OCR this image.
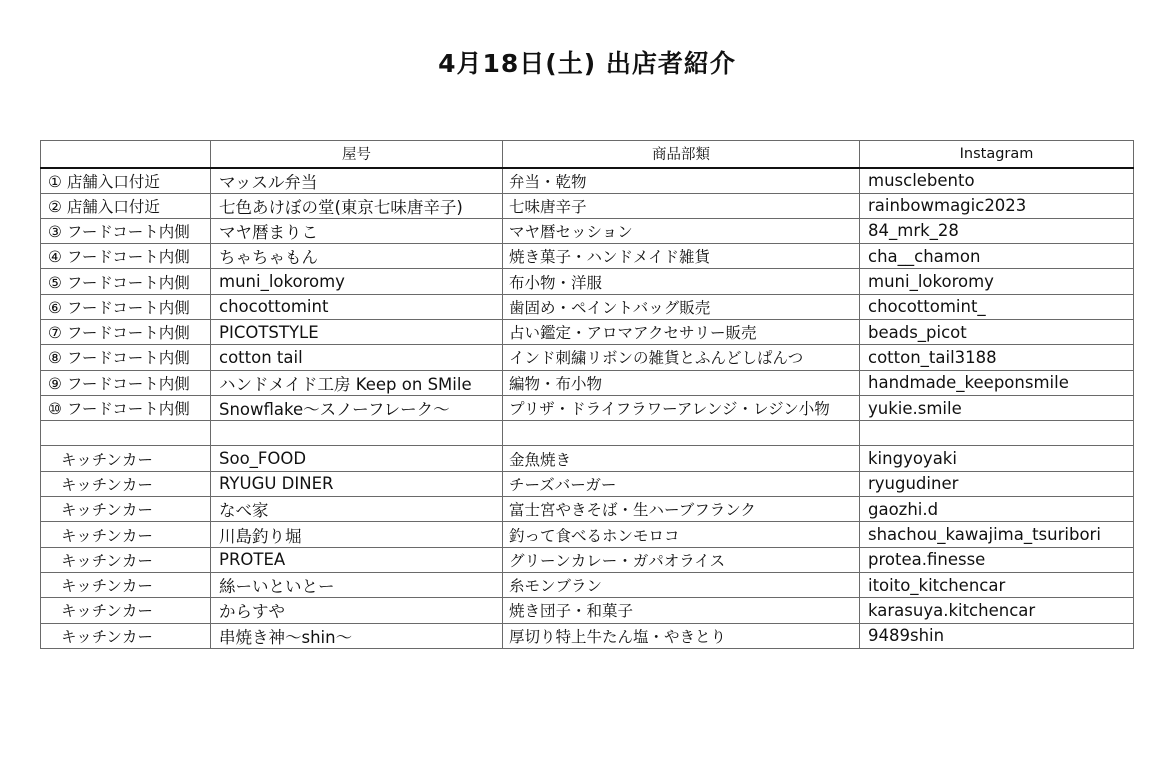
4月18日(土) 出店者紹介
	屋号	商品部類	Instagram
① 店舗入口付近	マッスル弁当	弁当・乾物	musclebento
② 店舗入口付近	七色あけぼの堂(東京七味唐辛子)	七味唐辛子	rainbowmagic2023
③ フードコート内側	マヤ暦まりこ	マヤ暦セッション	84_mrk_28
④ フードコート内側	ちゃちゃもん	焼き菓子・ハンドメイド雑貨	cha__chamon
⑤ フードコート内側	muni_lokoromy	布小物・洋服	muni_lokoromy
⑥ フードコート内側	chocottomint	歯固め・ペイントバッグ販売	chocottomint_
⑦ フードコート内側	PICOTSTYLE	占い鑑定・アロマアクセサリー販売	beads_picot
⑧ フードコート内側	cotton tail	インド刺繍リボンの雑貨とふんどしぱんつ	cotton_tail3188
⑨ フードコート内側	ハンドメイド工房 Keep on SMile	編物・布小物	handmade_keeponsmile
⑩ フードコート内側	Snowflake～スノーフレーク～	プリザ・ドライフラワーアレンジ・レジン小物	yukie.smile

キッチンカー	Soo_FOOD	金魚焼き	kingyoyaki
キッチンカー	RYUGU DINER	チーズバーガー	ryugudiner
キッチンカー	なべ家	富士宮やきそば・生ハーブフランク	gaozhi.d
キッチンカー	川島釣り堀	釣って食べるホンモロコ	shachou_kawajima_tsuribori
キッチンカー	PROTEA	グリーンカレー・ガパオライス	protea.finesse
キッチンカー	絲ーいといとー	糸モンブラン	itoito_kitchencar
キッチンカー	からすや	焼き団子・和菓子	karasuya.kitchencar
キッチンカー	串焼き神～shin～	厚切り特上牛たん塩・やきとり	9489shin
